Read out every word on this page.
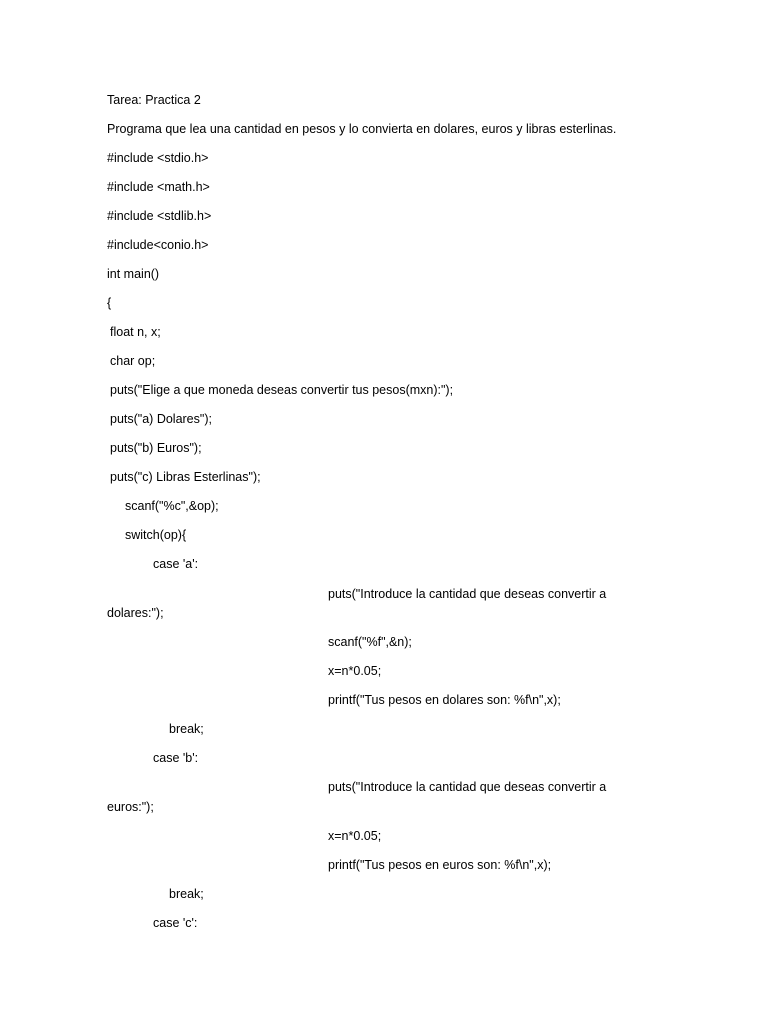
Tarea: Practica 2
Programa que lea una cantidad en pesos y lo convierta en dolares, euros y libras esterlinas.
#include <stdio.h>
#include <math.h>
#include <stdlib.h>
#include<conio.h>
int main()
{
float n, x;
char op;
puts("Elige a que moneda deseas convertir tus pesos(mxn):");
puts("a) Dolares");
puts("b) Euros");
puts("c) Libras Esterlinas");
scanf("%c",&op);
switch(op){
case 'a':
puts("Introduce la cantidad que deseas convertir a
dolares:");
scanf("%f",&n);
x=n*0.05;
printf("Tus pesos en dolares son: %f\n",x);
break;
case 'b':
puts("Introduce la cantidad que deseas convertir a
euros:");
x=n*0.05;
printf("Tus pesos en euros son: %f\n",x);
break;
case 'c':
